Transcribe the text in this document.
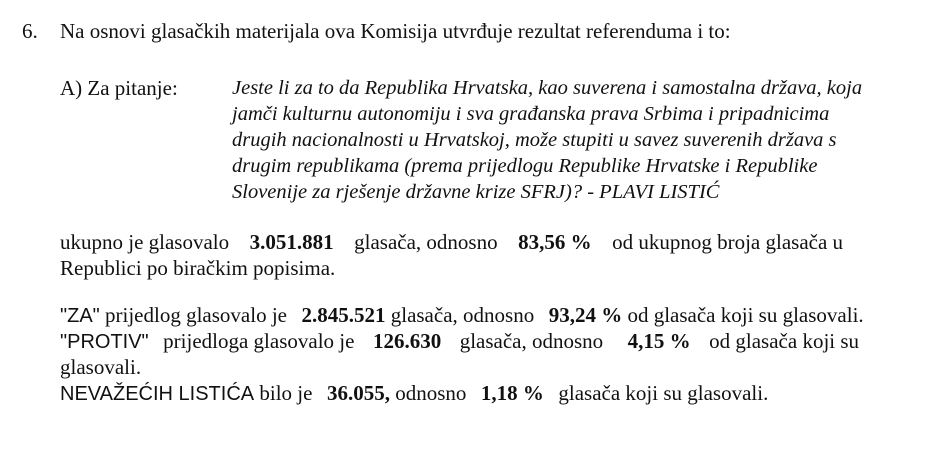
6. Na osnovi glasačkih materijala ova Komisija utvrđuje rezultat referenduma i to:
A) Za pitanje:	Jeste li za to da Republika Hrvatska, kao suverena i samostalna država, koja
jamči kulturnu autonomiju i sva građanska prava Srbima i pripadnicima
drugih nacionalnosti u Hrvatskoj, može stupiti u savez suverenih država s
drugim republikama (prema prijedlogu Republike Hrvatske i Republike
Slovenije za rješenje državne krize SFRJ)? - PLAVI LISTIĆ
ukupno je glasovalo 3.051.881 glasača, odnosno 83,56 % od ukupnog broja glasača u
Republici po biračkim popisima.
"ZA" prijedlog glasovalo je 2.845.521 glasača, odnosno 93,24 % od glasača koji su glasovali.
"PROTIV" prijedloga glasovalo je 126.630 glasača, odnosno 4,15 % od glasača koji su
glasovali.
NEVAŽEĆIH LISTIĆA bilo je 36.055, odnosno 1,18 % glasača koji su glasovali.
